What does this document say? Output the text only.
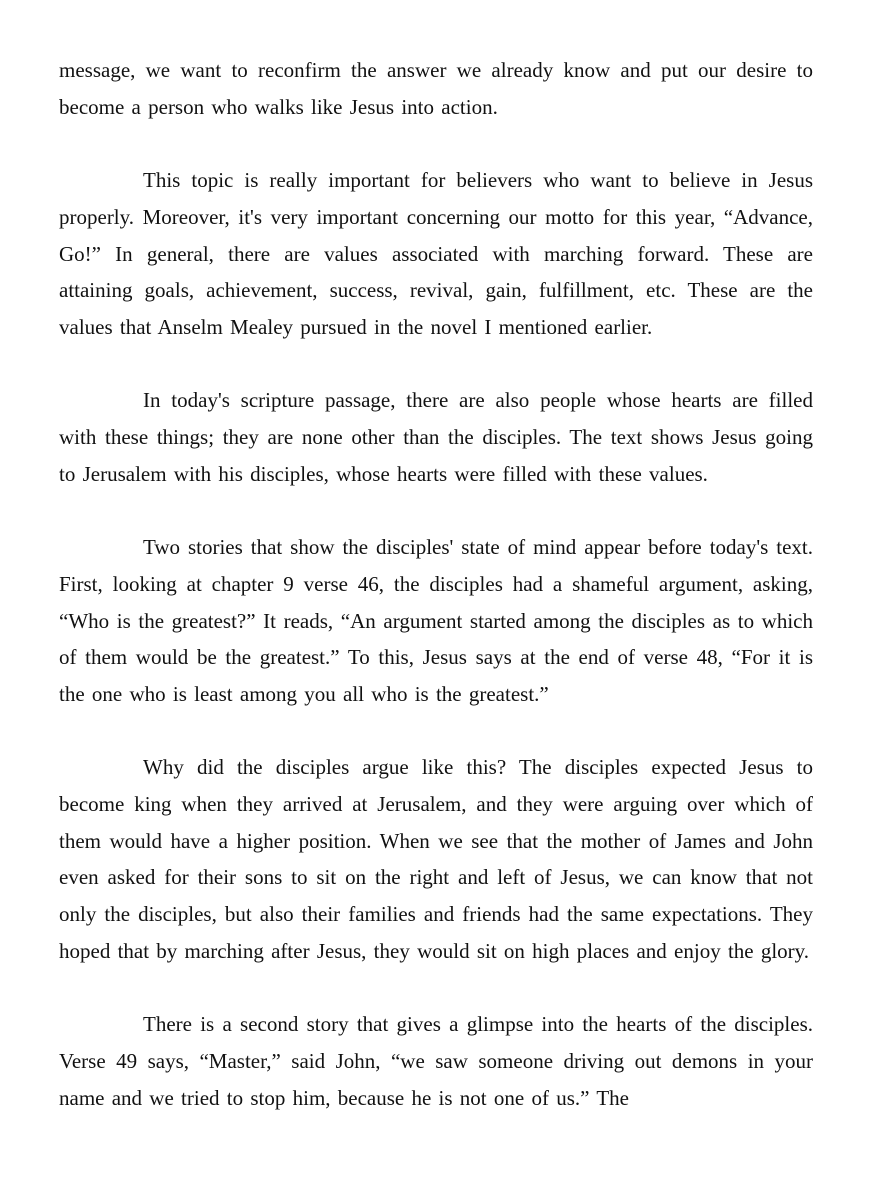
message, we want to reconfirm the answer we already know and put our desire to become a person who walks like Jesus into action.

This topic is really important for believers who want to believe in Jesus properly. Moreover, it's very important concerning our motto for this year, “Advance, Go!” In general, there are values associated with marching forward. These are attaining goals, achievement, success, revival, gain, fulfillment, etc. These are the values that Anselm Mealey pursued in the novel I mentioned earlier.

In today's scripture passage, there are also people whose hearts are filled with these things; they are none other than the disciples. The text shows Jesus going to Jerusalem with his disciples, whose hearts were filled with these values.

Two stories that show the disciples' state of mind appear before today's text. First, looking at chapter 9 verse 46, the disciples had a shameful argument, asking, “Who is the greatest?” It reads, “An argument started among the disciples as to which of them would be the greatest.” To this, Jesus says at the end of verse 48, “For it is the one who is least among you all who is the greatest.”

Why did the disciples argue like this? The disciples expected Jesus to become king when they arrived at Jerusalem, and they were arguing over which of them would have a higher position. When we see that the mother of James and John even asked for their sons to sit on the right and left of Jesus, we can know that not only the disciples, but also their families and friends had the same expectations. They hoped that by marching after Jesus, they would sit on high places and enjoy the glory.

There is a second story that gives a glimpse into the hearts of the disciples. Verse 49 says, “Master,” said John, “we saw someone driving out demons in your name and we tried to stop him, because he is not one of us.” The
